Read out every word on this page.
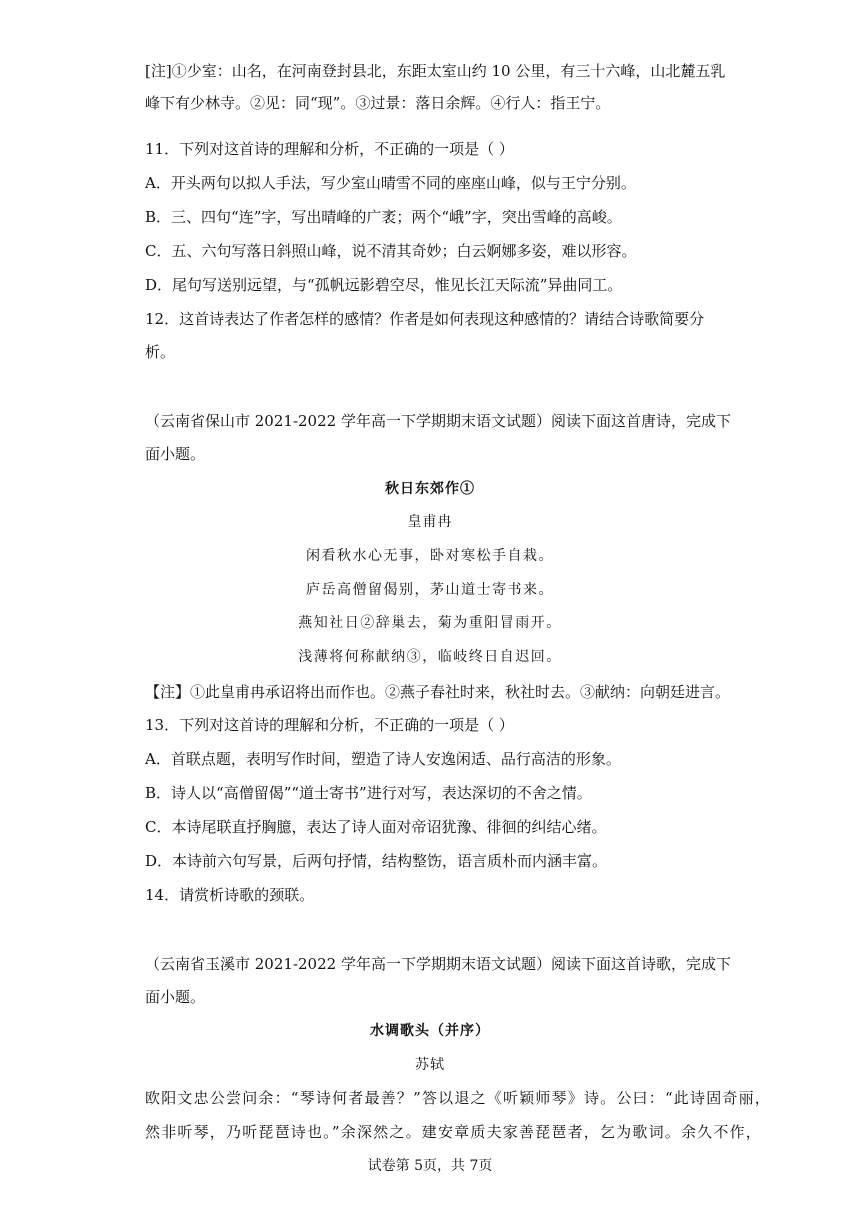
[注]①少室：山名，在河南登封县北，东距太室山约 10 公里，有三十六峰，山北麓五乳
峰下有少林寺。②见：同“现”。③过景：落日余辉。④行人：指王宁。
11．下列对这首诗的理解和分析，不正确的一项是（ ）
A．开头两句以拟人手法，写少室山晴雪不同的座座山峰，似与王宁分别。
B．三、四句“连”字，写出晴峰的广袤；两个“峨”字，突出雪峰的高峻。
C．五、六句写落日斜照山峰，说不清其奇妙；白云婀娜多姿，难以形容。
D．尾句写送别远望，与“孤帆远影碧空尽，惟见长江天际流”异曲同工。
12．这首诗表达了作者怎样的感情？作者是如何表现这种感情的？请结合诗歌简要分
析。
（云南省保山市 2021-2022 学年高一下学期期末语文试题）阅读下面这首唐诗，完成下
面小题。
秋日东郊作①
皇甫冉
闲看秋水心无事，卧对寒松手自栽。
庐岳高僧留偈别，茅山道士寄书来。
燕知社日②辞巢去，菊为重阳冒雨开。
浅薄将何称献纳③，临岐终日自迟回。
【注】①此皇甫冉承诏将出而作也。②燕子春社时来，秋社时去。③献纳：向朝廷进言。
13．下列对这首诗的理解和分析，不正确的一项是（ ）
A．首联点题，表明写作时间，塑造了诗人安逸闲适、品行高洁的形象。
B．诗人以“高僧留偈”“道士寄书”进行对写，表达深切的不舍之情。
C．本诗尾联直抒胸臆，表达了诗人面对帝诏犹豫、徘徊的纠结心绪。
D．本诗前六句写景，后两句抒情，结构整饬，语言质朴而内涵丰富。
14．请赏析诗歌的颈联。
（云南省玉溪市 2021-2022 学年高一下学期期末语文试题）阅读下面这首诗歌，完成下
面小题。
水调歌头（并序）
苏轼
欧阳文忠公尝问余：“琴诗何者最善？”答以退之《听颖师琴》诗。公曰：“此诗固奇丽，
然非听琴，乃听琵琶诗也。”余深然之。建安章质夫家善琵琶者，乞为歌词。余久不作，
试卷第 5页，共 7页
